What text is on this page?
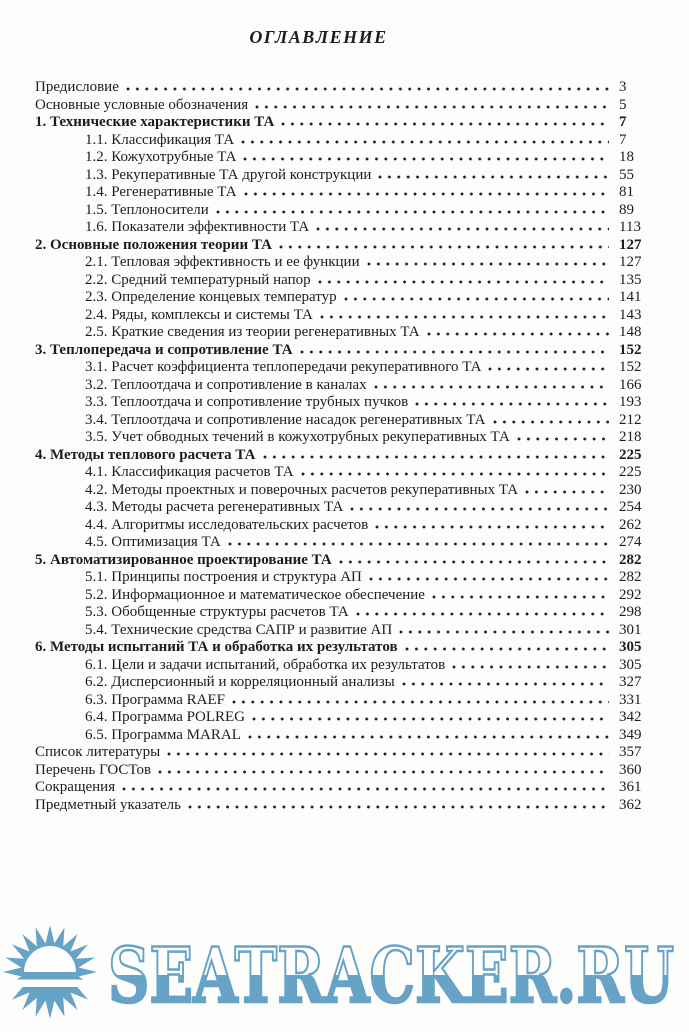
ОГЛАВЛЕНИЕ
Предисловие	3
Основные условные обозначения	5
1. Технические характеристики ТА	7
1.1. Классификация ТА	7
1.2. Кожухотрубные ТА	18
1.3. Рекуперативные ТА другой конструкции	55
1.4. Регенеративные ТА	81
1.5. Теплоносители	89
1.6. Показатели эффективности ТА	113
2. Основные положения теории ТА	127
2.1. Тепловая эффективность и ее функции	127
2.2. Средний температурный напор	135
2.3. Определение концевых температур	141
2.4. Ряды, комплексы и системы ТА	143
2.5. Краткие сведения из теории регенеративных ТА	148
3. Теплопередача и сопротивление ТА	152
3.1. Расчет коэффициента теплопередачи рекуперативного ТА	152
3.2. Теплоотдача и сопротивление в каналах	166
3.3. Теплоотдача и сопротивление трубных пучков	193
3.4. Теплоотдача и сопротивление насадок регенеративных ТА	212
3.5. Учет обводных течений в кожухотрубных рекуперативных ТА	218
4. Методы теплового расчета ТА	225
4.1. Классификация расчетов ТА	225
4.2. Методы проектных и поверочных расчетов рекуперативных ТА	230
4.3. Методы расчета регенеративных ТА	254
4.4. Алгоритмы исследовательских расчетов	262
4.5. Оптимизация ТА	274
5. Автоматизированное проектирование ТА	282
5.1. Принципы построения и структура АП	282
5.2. Информационное и математическое обеспечение	292
5.3. Обобщенные структуры расчетов ТА	298
5.4. Технические средства САПР и развитие АП	301
6. Методы испытаний ТА и обработка их результатов	305
6.1. Цели и задачи испытаний, обработка их результатов	305
6.2. Дисперсионный и корреляционный анализы	327
6.3. Программа RAEF	331
6.4. Программа POLREG	342
6.5. Программа MARAL	349
Список литературы	357
Перечень ГОСТов	360
Сокращения	361
Предметный указатель	362
SEATRACKER.RU
SEATRACKER.RU
